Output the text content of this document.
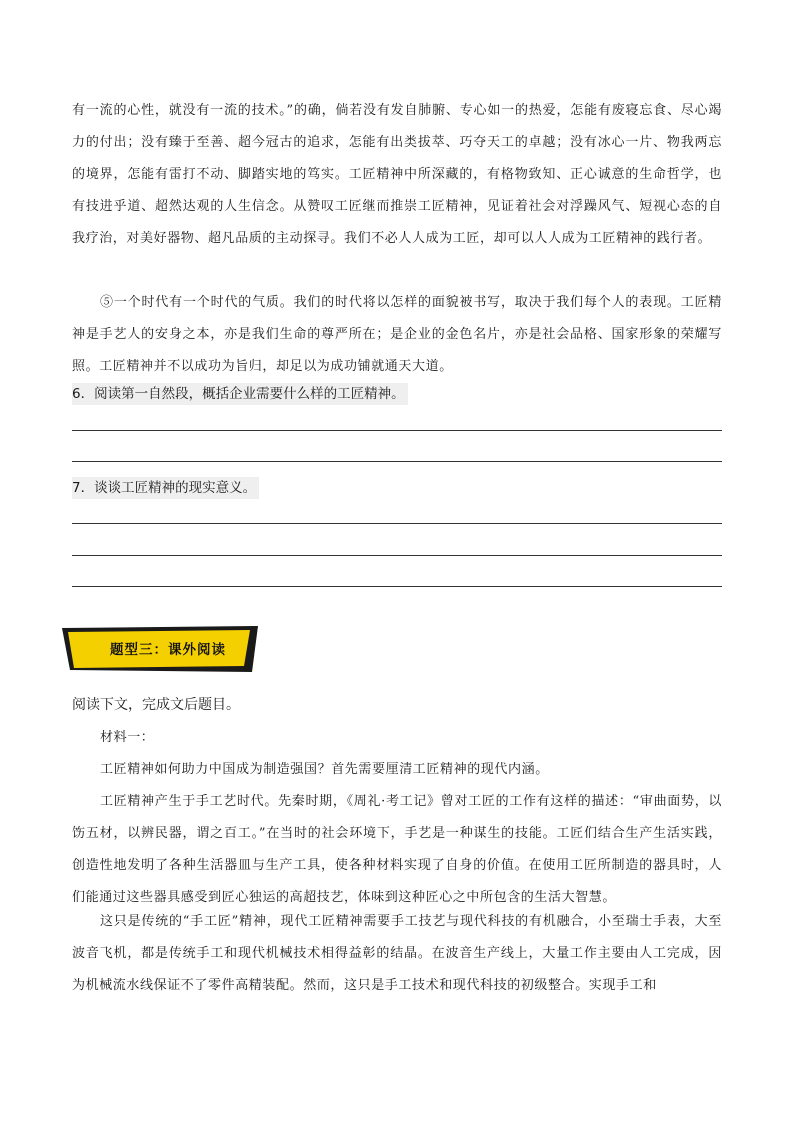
有一流的心性，就没有一流的技术。”的确，倘若没有发自肺腑、专心如一的热爱，怎能有废寝忘食、尽心竭力的付出；没有臻于至善、超今冠古的追求，怎能有出类拔萃、巧夺天工的卓越；没有冰心一片、物我两忘的境界，怎能有雷打不动、脚踏实地的笃实。工匠精神中所深藏的，有格物致知、正心诚意的生命哲学，也有技进乎道、超然达观的人生信念。从赞叹工匠继而推崇工匠精神，见证着社会对浮躁风气、短视心态的自我疗治，对美好器物、超凡品质的主动探寻。我们不必人人成为工匠，却可以人人成为工匠精神的践行者。

⑤一个时代有一个时代的气质。我们的时代将以怎样的面貌被书写，取决于我们每个人的表现。工匠精神是手艺人的安身之本，亦是我们生命的尊严所在；是企业的金色名片，亦是社会品格、国家形象的荣耀写照。工匠精神并不以成功为旨归，却足以为成功铺就通天大道。

6．阅读第一自然段，概括企业需要什么样的工匠精神。

7．谈谈工匠精神的现实意义。

题型三：课外阅读

阅读下文，完成文后题目。

材料一：

工匠精神如何助力中国成为制造强国？首先需要厘清工匠精神的现代内涵。

工匠精神产生于手工艺时代。先秦时期，《周礼·考工记》曾对工匠的工作有这样的描述：“审曲面势，以饬五材，以辨民器，谓之百工。”在当时的社会环境下，手艺是一种谋生的技能。工匠们结合生产生活实践，创造性地发明了各种生活器皿与生产工具，使各种材料实现了自身的价值。在使用工匠所制造的器具时，人们能通过这些器具感受到匠心独运的高超技艺，体味到这种匠心之中所包含的生活大智慧。

这只是传统的“手工匠”精神，现代工匠精神需要手工技艺与现代科技的有机融合，小至瑞士手表，大至波音飞机，都是传统手工和现代机械技术相得益彰的结晶。在波音生产线上，大量工作主要由人工完成，因为机械流水线保证不了零件高精装配。然而，这只是手工技术和现代科技的初级整合。实现手工和
